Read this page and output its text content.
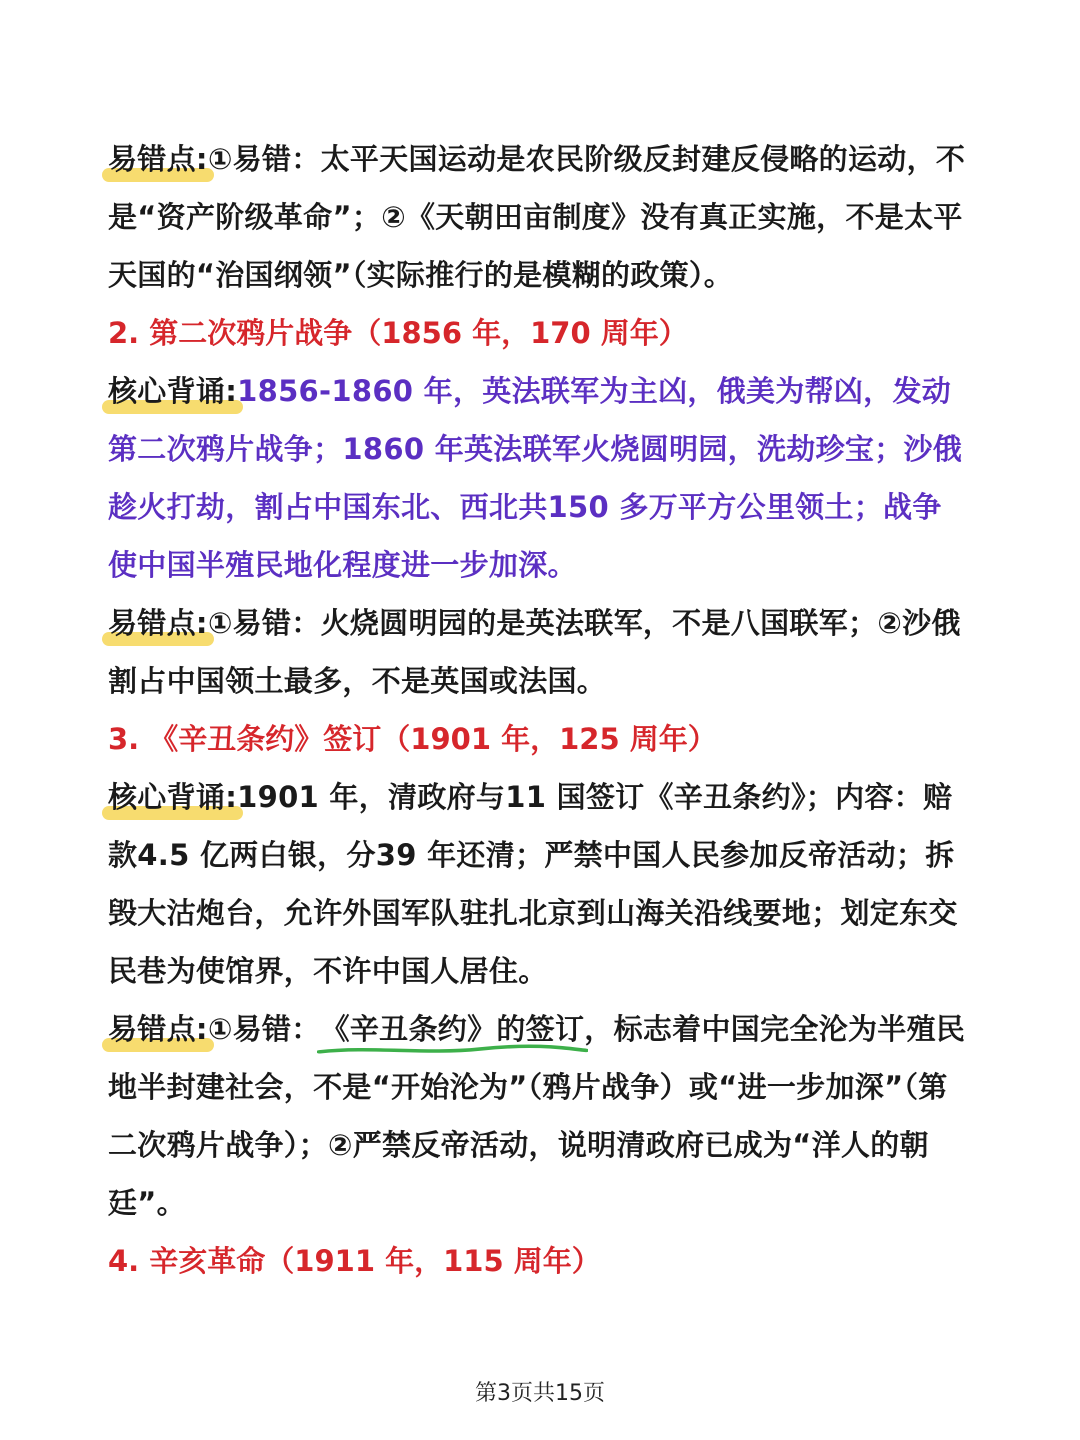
易错点:①易错：太平天国运动是农民阶级反封建反侵略的运动，不是“资产阶级革命”；②《天朝田亩制度》没有真正实施，不是太平天国的“治国纲领”（实际推行的是模糊的政策）。

2. 第二次鸦片战争（1856 年，170 周年）

核心背诵:1856-1860 年，英法联军为主凶，俄美为帮凶，发动第二次鸦片战争；1860 年英法联军火烧圆明园，洗劫珍宝；沙俄趁火打劫，割占中国东北、西北共150 多万平方公里领土；战争使中国半殖民地化程度进一步加深。

易错点:①易错：火烧圆明园的是英法联军，不是八国联军；②沙俄割占中国领土最多，不是英国或法国。

3. 《辛丑条约》签订（1901 年，125 周年）

核心背诵:1901 年，清政府与11 国签订《辛丑条约》；内容：赔款4.5 亿两白银，分39 年还清；严禁中国人民参加反帝活动；拆毁大沽炮台，允许外国军队驻扎北京到山海关沿线要地；划定东交民巷为使馆界，不许中国人居住。

易错点:①易错：《辛丑条约》的签订
，标志着中国完全沦为半殖民地半封建社会，不是“开始沦为”（鸦片战争）或“进一步加深”（第二次鸦片战争）；②严禁反帝活动，说明清政府已成为“洋人的朝廷”。

4. 辛亥革命（1911 年，115 周年）

第3页共15页
